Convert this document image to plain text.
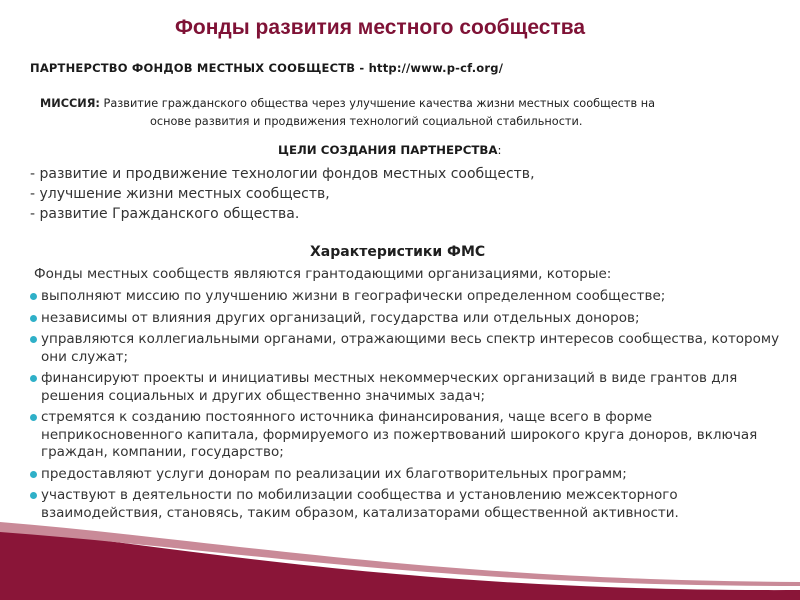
Фонды развития местного сообщества
ПАРТНЕРСТВО ФОНДОВ МЕСТНЫХ СООБЩЕСТВ - http://www.p-cf.org/
МИССИЯ: Развитие гражданского общества через улучшение качества жизни местных сообществ на
основе развития и продвижения технологий социальной стабильности.
ЦЕЛИ СОЗДАНИЯ ПАРТНЕРСТВА:
- развитие и продвижение технологии фондов местных сообществ,
- улучшение жизни местных сообществ,
- развитие Гражданского общества.
Характеристики ФМС
Фонды местных сообществ являются грантодающими организациями, которые:
выполняют миссию по улучшению жизни в географически определенном сообществе;
независимы от влияния других организаций, государства или отдельных доноров;
управляются коллегиальными органами, отражающими весь спектр интересов сообщества, которому они служат;
финансируют проекты и инициативы местных некоммерческих организаций в виде грантов для решения социальных и других общественно значимых задач;
стремятся к созданию постоянного источника финансирования, чаще всего в форме неприкосновенного капитала, формируемого из пожертвований широкого круга доноров, включая граждан, компании, государство;
предоставляют услуги донорам по реализации их благотворительных программ;
участвуют в деятельности по мобилизации сообщества и установлению межсекторного взаимодействия, становясь, таким образом, катализаторами общественной активности.
